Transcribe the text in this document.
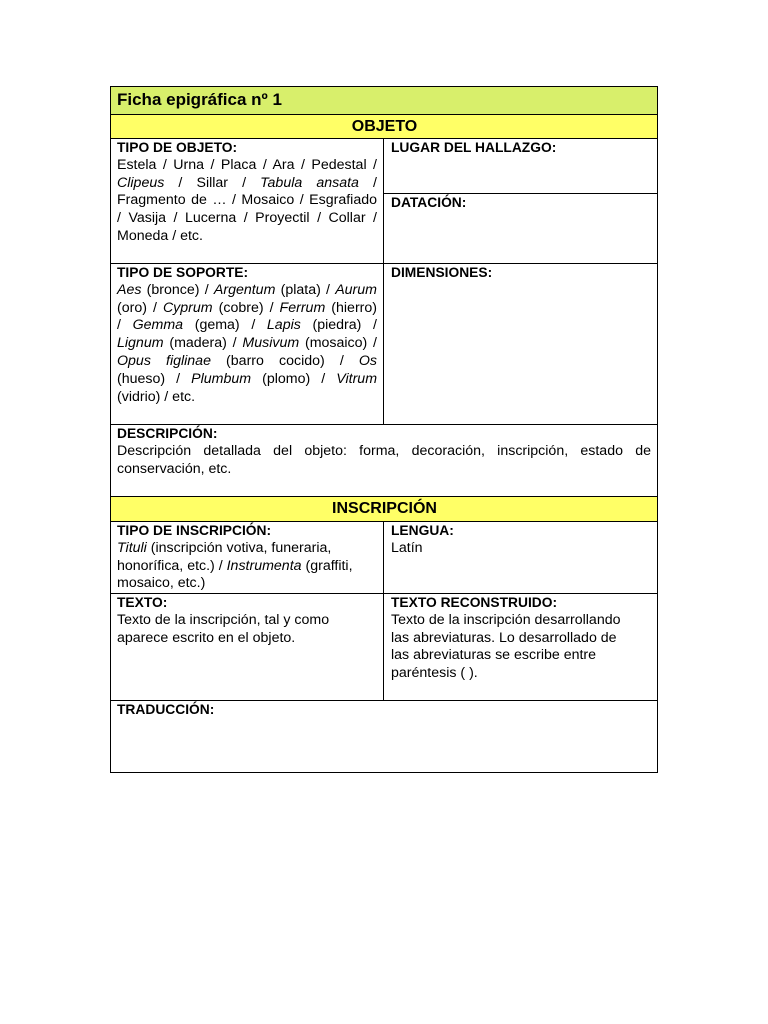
Ficha epigráfica nº 1
OBJETO
TIPO DE OBJETO:
Estela / Urna / Placa / Ara / Pedestal /
Clipeus / Sillar / Tabula ansata /
Fragmento de … / Mosaico / Esgrafiado
/ Vasija / Lucerna / Proyectil / Collar /
Moneda / etc.
LUGAR DEL HALLAZGO:
DATACIÓN:
TIPO DE SOPORTE:
Aes (bronce) / Argentum (plata) / Aurum
(oro) / Cyprum (cobre) / Ferrum (hierro)
/ Gemma (gema) / Lapis (piedra) /
Lignum (madera) / Musivum (mosaico) /
Opus figlinae (barro cocido) / Os
(hueso) / Plumbum (plomo) / Vitrum
(vidrio) / etc.
DIMENSIONES:
DESCRIPCIÓN:
Descripción detallada del objeto: forma, decoración, inscripción, estado de
conservación, etc.
INSCRIPCIÓN
TIPO DE INSCRIPCIÓN:
Tituli (inscripción votiva, funeraria,
honorífica, etc.) / Instrumenta (graffiti,
mosaico, etc.)
LENGUA:
Latín
TEXTO:
Texto de la inscripción, tal y como
aparece escrito en el objeto.
TEXTO RECONSTRUIDO:
Texto de la inscripción desarrollando
las abreviaturas. Lo desarrollado de
las abreviaturas se escribe entre
paréntesis ( ).
TRADUCCIÓN:
